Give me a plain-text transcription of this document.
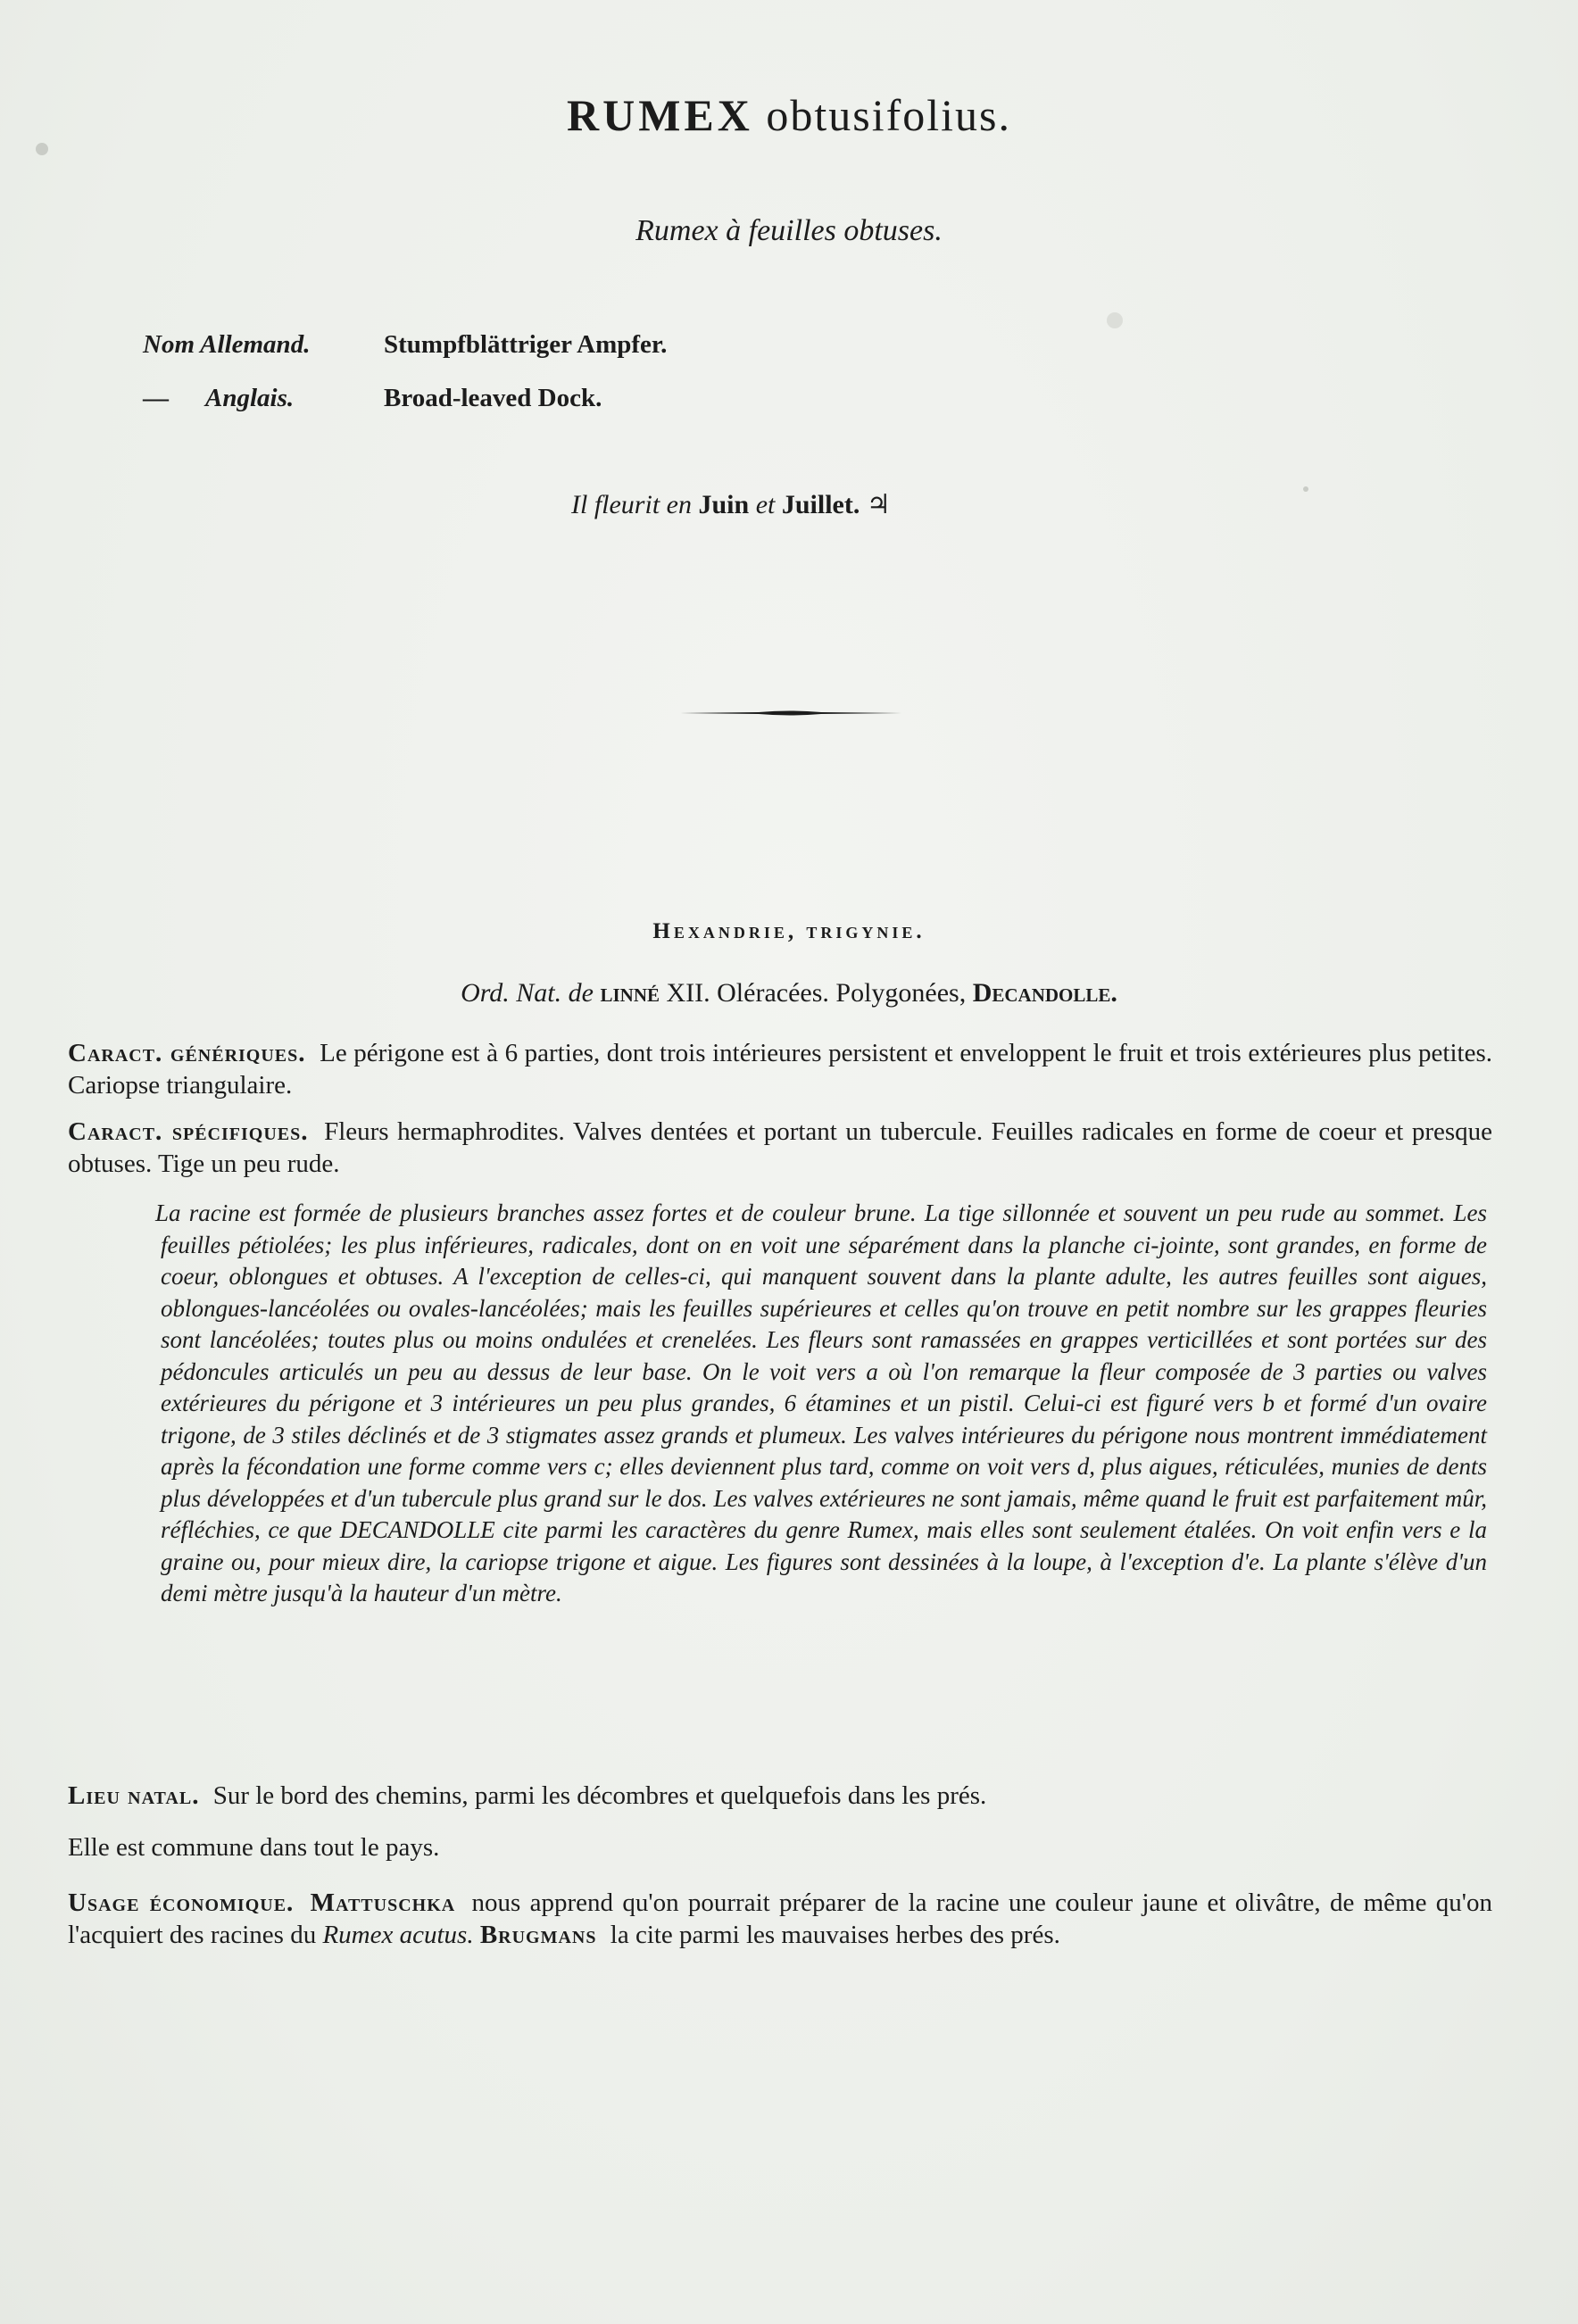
RUMEX obtusifolius.
Rumex à feuilles obtuses.
Nom Allemand.	Stumpfblättriger Ampfer.
—	Anglais.	Broad-leaved Dock.
Il fleurit en Juin et Juillet. ♃
Hexandrie, trigynie.
Ord. Nat. de linné XII. Oléracées. Polygonées, Decandolle.
Caract. génériques. Le périgone est à 6 parties, dont trois intérieures persistent et enveloppent le fruit et trois extérieures plus petites. Cariopse triangulaire.
Caract. spécifiques. Fleurs hermaphrodites. Valves dentées et portant un tubercule. Feuilles radicales en forme de coeur et presque obtuses. Tige un peu rude.

La racine est formée de plusieurs branches assez fortes et de couleur brune. La tige sillonnée et souvent un peu rude au sommet. Les feuilles pétiolées; les plus inférieures, radicales, dont on en voit une séparément dans la planche ci-jointe, sont grandes, en forme de coeur, oblongues et obtuses. A l'exception de celles-ci, qui manquent souvent dans la plante adulte, les autres feuilles sont aigues, oblongues-lancéolées ou ovales-lancéolées; mais les feuilles supérieures et celles qu'on trouve en petit nombre sur les grappes fleuries sont lancéolées; toutes plus ou moins ondulées et crenelées. Les fleurs sont ramassées en grappes verticillées et sont portées sur des pédoncules articulés un peu au dessus de leur base. On le voit vers a où l'on remarque la fleur composée de 3 parties ou valves extérieures du périgone et 3 intérieures un peu plus grandes, 6 étamines et un pistil. Celui-ci est figuré vers b et formé d'un ovaire trigone, de 3 stiles déclinés et de 3 stigmates assez grands et plumeux. Les valves intérieures du périgone nous montrent immédiatement après la fécondation une forme comme vers c; elles deviennent plus tard, comme on voit vers d, plus aigues, réticulées, munies de dents plus développées et d'un tubercule plus grand sur le dos. Les valves extérieures ne sont jamais, même quand le fruit est parfaitement mûr, réfléchies, ce que DECANDOLLE cite parmi les caractères du genre Rumex, mais elles sont seulement étalées. On voit enfin vers e la graine ou, pour mieux dire, la cariopse trigone et aigue. Les figures sont dessinées à la loupe, à l'exception d'e. La plante s'élève d'un demi mètre jusqu'à la hauteur d'un mètre.

Lieu natal. Sur le bord des chemins, parmi les décombres et quelquefois dans les prés.
Elle est commune dans tout le pays.
Usage économique. Mattuschka nous apprend qu'on pourrait préparer de la racine une couleur jaune et olivâtre, de même qu'on l'acquiert des racines du Rumex acutus. Brugmans la cite parmi les mauvaises herbes des prés.
